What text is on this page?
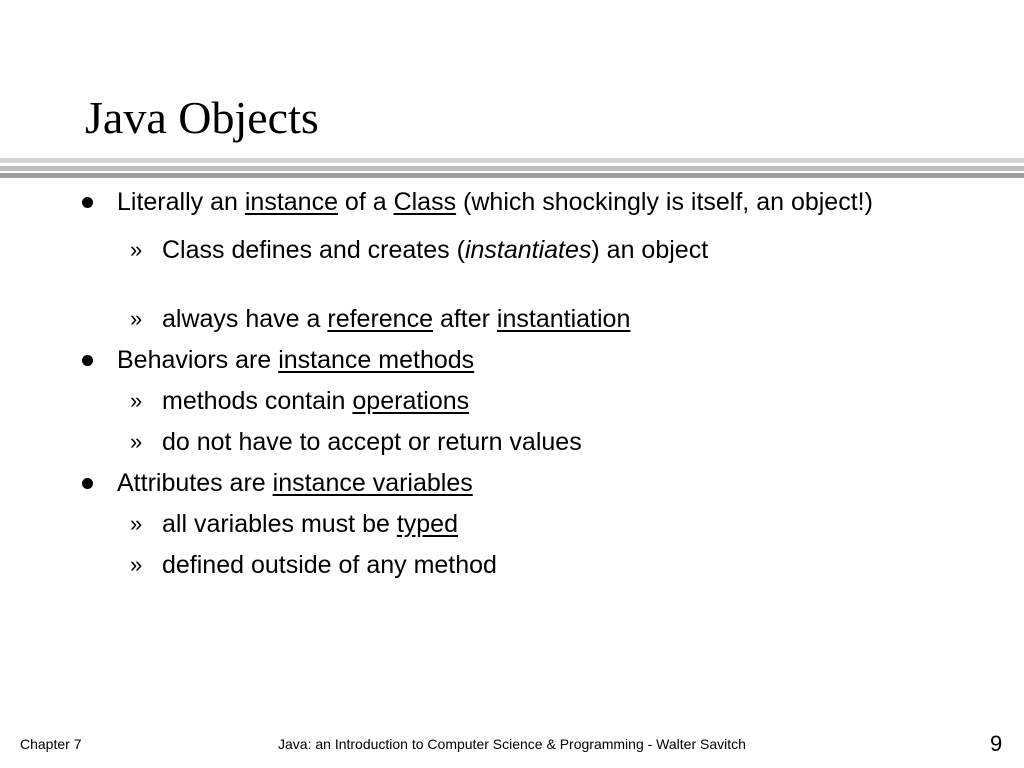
Java Objects
Literally an instance of a Class (which shockingly is itself, an object!)
» Class defines and creates (instantiates) an object
» always have a reference after instantiation
Behaviors are instance methods
» methods contain operations
» do not have to accept or return values
Attributes are instance variables
» all variables must be typed
» defined outside of any method
Chapter 7	Java: an Introduction to Computer Science & Programming - Walter Savitch	9
